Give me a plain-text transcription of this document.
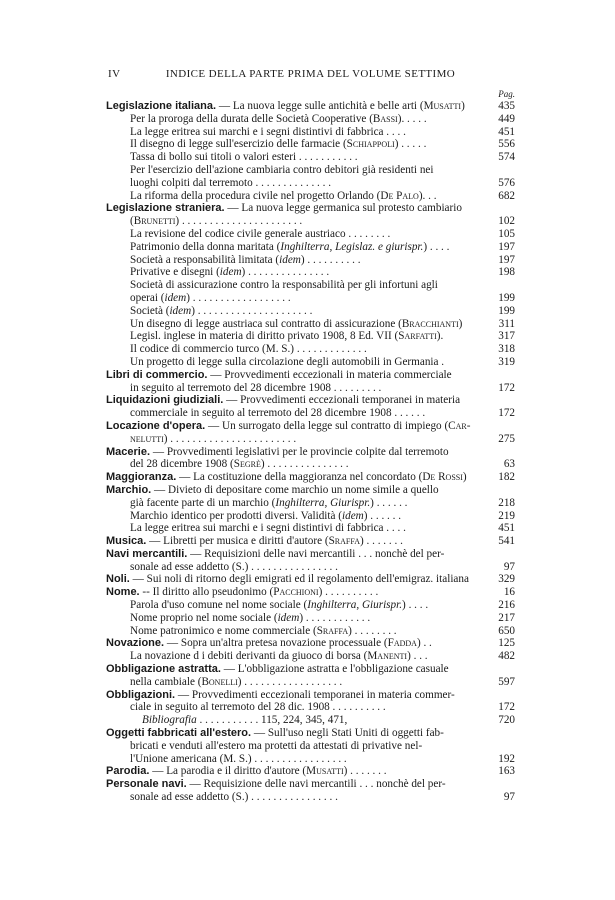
IV	INDICE DELLA PARTE PRIMA DEL VOLUME SETTIMO
Pag.
Legislazione italiana. — La nuova legge sulle antichità e belle arti (Musatti)	435
Per la proroga della durata delle Società Cooperative (Bassi). . . . .	449
La legge eritrea sui marchi e i segni distintivi di fabbrica . . . .	451
Il disegno di legge sull'esercizio delle farmacie (Schiappoli) . . . . .	556
Tassa di bollo sui titoli o valori esteri . . . . . . . . . . .	574
Per l'esercizio dell'azione cambiaria contro debitori già residenti nei
luoghi colpiti dal terremoto . . . . . . . . . . . . . .	576
La riforma della procedura civile nel progetto Orlando (De Palo). . .	682
Legislazione straniera. — La nuova legge germanica sul protesto cambiario
(Brunetti) . . . . . . . . . . . . . . . . . . . . . .	102
La revisione del codice civile generale austriaco . . . . . . . .	105
Patrimonio della donna maritata (Inghilterra, Legislaz. e giurispr.) . . . .	197
Società a responsabilità limitata (idem) . . . . . . . . . .	197
Privative e disegni (idem) . . . . . . . . . . . . . . .	198
Società di assicurazione contro la responsabilità per gli infortuni agli
operai (idem) . . . . . . . . . . . . . . . . . .	199
Società (idem) . . . . . . . . . . . . . . . . . . . . .	199
Un disegno di legge austriaca sul contratto di assicurazione (Bracchianti)	311
Legisl. inglese in materia di diritto privato 1908, 8 Ed. VII (Sarfatti).	317
Il codice di commercio turco (M. S.) . . . . . . . . . . . . .	318
Un progetto di legge sulla circolazione degli automobili in Germania .	319
Libri di commercio. — Provvedimenti eccezionali in materia commerciale
in seguito al terremoto del 28 dicembre 1908 . . . . . . . . .	172
Liquidazioni giudiziali. — Provvedimenti eccezionali temporanei in materia
commerciale in seguito al terremoto del 28 dicembre 1908 . . . . . .	172
Locazione d'opera. — Un surrogato della legge sul contratto di impiego (Car-
nelutti) . . . . . . . . . . . . . . . . . . . . . . .	275
Macerie. — Provvedimenti legislativi per le provincie colpite dal terremoto
del 28 dicembre 1908 (Segrè) . . . . . . . . . . . . . . .	63
Maggioranza. — La costituzione della maggioranza nel concordato (De Rossi)	182
Marchio. — Divieto di depositare come marchio un nome simile a quello
già facente parte di un marchio (Inghilterra, Giurispr.) . . . . . .	218
Marchio identico per prodotti diversi. Validità (idem) . . . . . .	219
La legge eritrea sui marchi e i segni distintivi di fabbrica . . . .	451
Musica. — Libretti per musica e diritti d'autore (Sraffa) . . . . . . .	541
Navi mercantili. — Requisizioni delle navi mercantili . . . nonchè del per-
sonale ad esse addetto (S.) . . . . . . . . . . . . . . . .	97
Noli. — Sui noli di ritorno degli emigrati ed il regolamento dell'emigraz. italiana	329
Nome. -- Il diritto allo pseudonimo (Pacchioni) . . . . . . . . . .	16
Parola d'uso comune nel nome sociale (Inghilterra, Giurispr.) . . . .	216
Nome proprio nel nome sociale (idem) . . . . . . . . . . . .	217
Nome patronimico e nome commerciale (Sraffa) . . . . . . . .	650
Novazione. — Sopra un'altra pretesa novazione processuale (Fadda) . .	125
La novazione d i debiti derivanti da giuoco di borsa (Manenti) . . .	482
Obbligazione astratta. — L'obbligazione astratta e l'obbligazione casuale
nella cambiale (Bonelli) . . . . . . . . . . . . . . . . . .	597
Obbligazioni. — Provvedimenti eccezionali temporanei in materia commer-
ciale in seguito al terremoto del 28 dic. 1908 . . . . . . . . . .	172
Bibliografia . . . . . . . . . . . 115, 224, 345, 471,	720
Oggetti fabbricati all'estero. — Sull'uso negli Stati Uniti di oggetti fab-
bricati e venduti all'estero ma protetti da attestati di privative nel-
l'Unione americana (M. S.) . . . . . . . . . . . . . . . . .	192
Parodia. — La parodia e il diritto d'autore (Musatti) . . . . . . .	163
Personale navi. — Requisizione delle navi mercantili . . . nonchè del per-
sonale ad esse addetto (S.) . . . . . . . . . . . . . . . .	97
